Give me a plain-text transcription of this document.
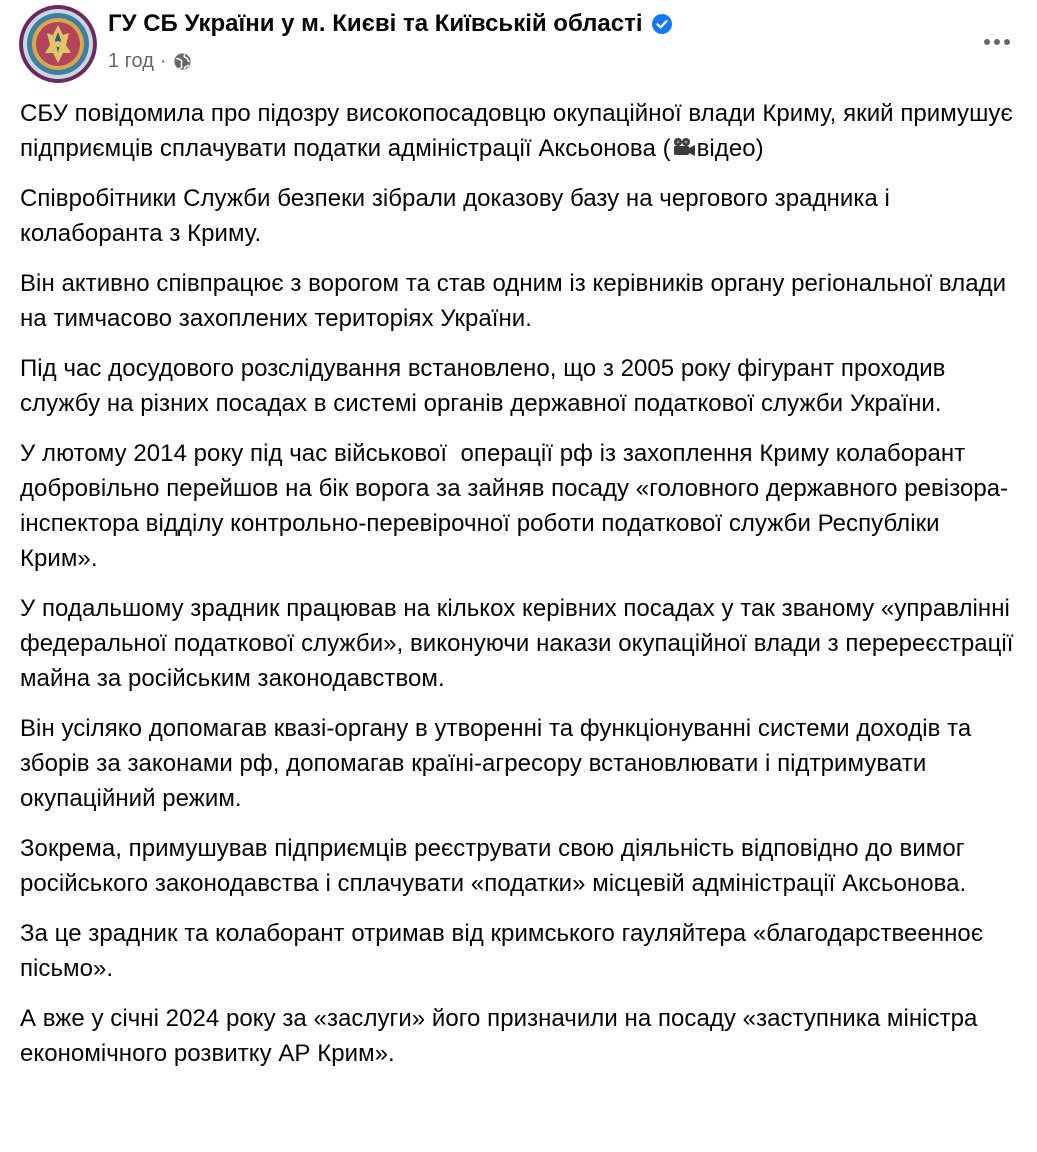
ГУ СБ України у м. Києві та Київській області
1 год ·

СБУ повідомила про підозру високопосадовцю окупаційної влади Криму, який примушує підприємців сплачувати податки адміністрації Аксьонова ( відео)

Співробітники Служби безпеки зібрали доказову базу на чергового зрадника і колаборанта з Криму.

Він активно співпрацює з ворогом та став одним із керівників органу регіональної влади на тимчасово захоплених територіях України.

Під час досудового розслідування встановлено, що з 2005 року фігурант проходив службу на різних посадах в системі органів державної податкової служби України.

У лютому 2014 року під час військової  операції рф із захоплення Криму колаборант добровільно перейшов на бік ворога за зайняв посаду «головного державного ревізора-інспектора відділу контрольно-перевірочної роботи податкової служби Республіки Крим».

У подальшому зрадник працював на кількох керівних посадах у так званому «управлінні федеральної податкової служби», виконуючи накази окупаційної влади з перереєстрації майна за російським законодавством.

Він усіляко допомагав квазі-органу в утворенні та функціонуванні системи доходів та зборів за законами рф, допомагав країні-агресору встановлювати і підтримувати окупаційний режим.

Зокрема, примушував підприємців реєструвати свою діяльність відповідно до вимог російського законодавства і сплачувати «податки» місцевій адміністрації Аксьонова.

За це зрадник та колаборант отримав від кримського гауляйтера «благодарствеенноє пісьмо».

А вже у січні 2024 року за «заслуги» його призначили на посаду «заступника міністра економічного розвитку АР Крим».
